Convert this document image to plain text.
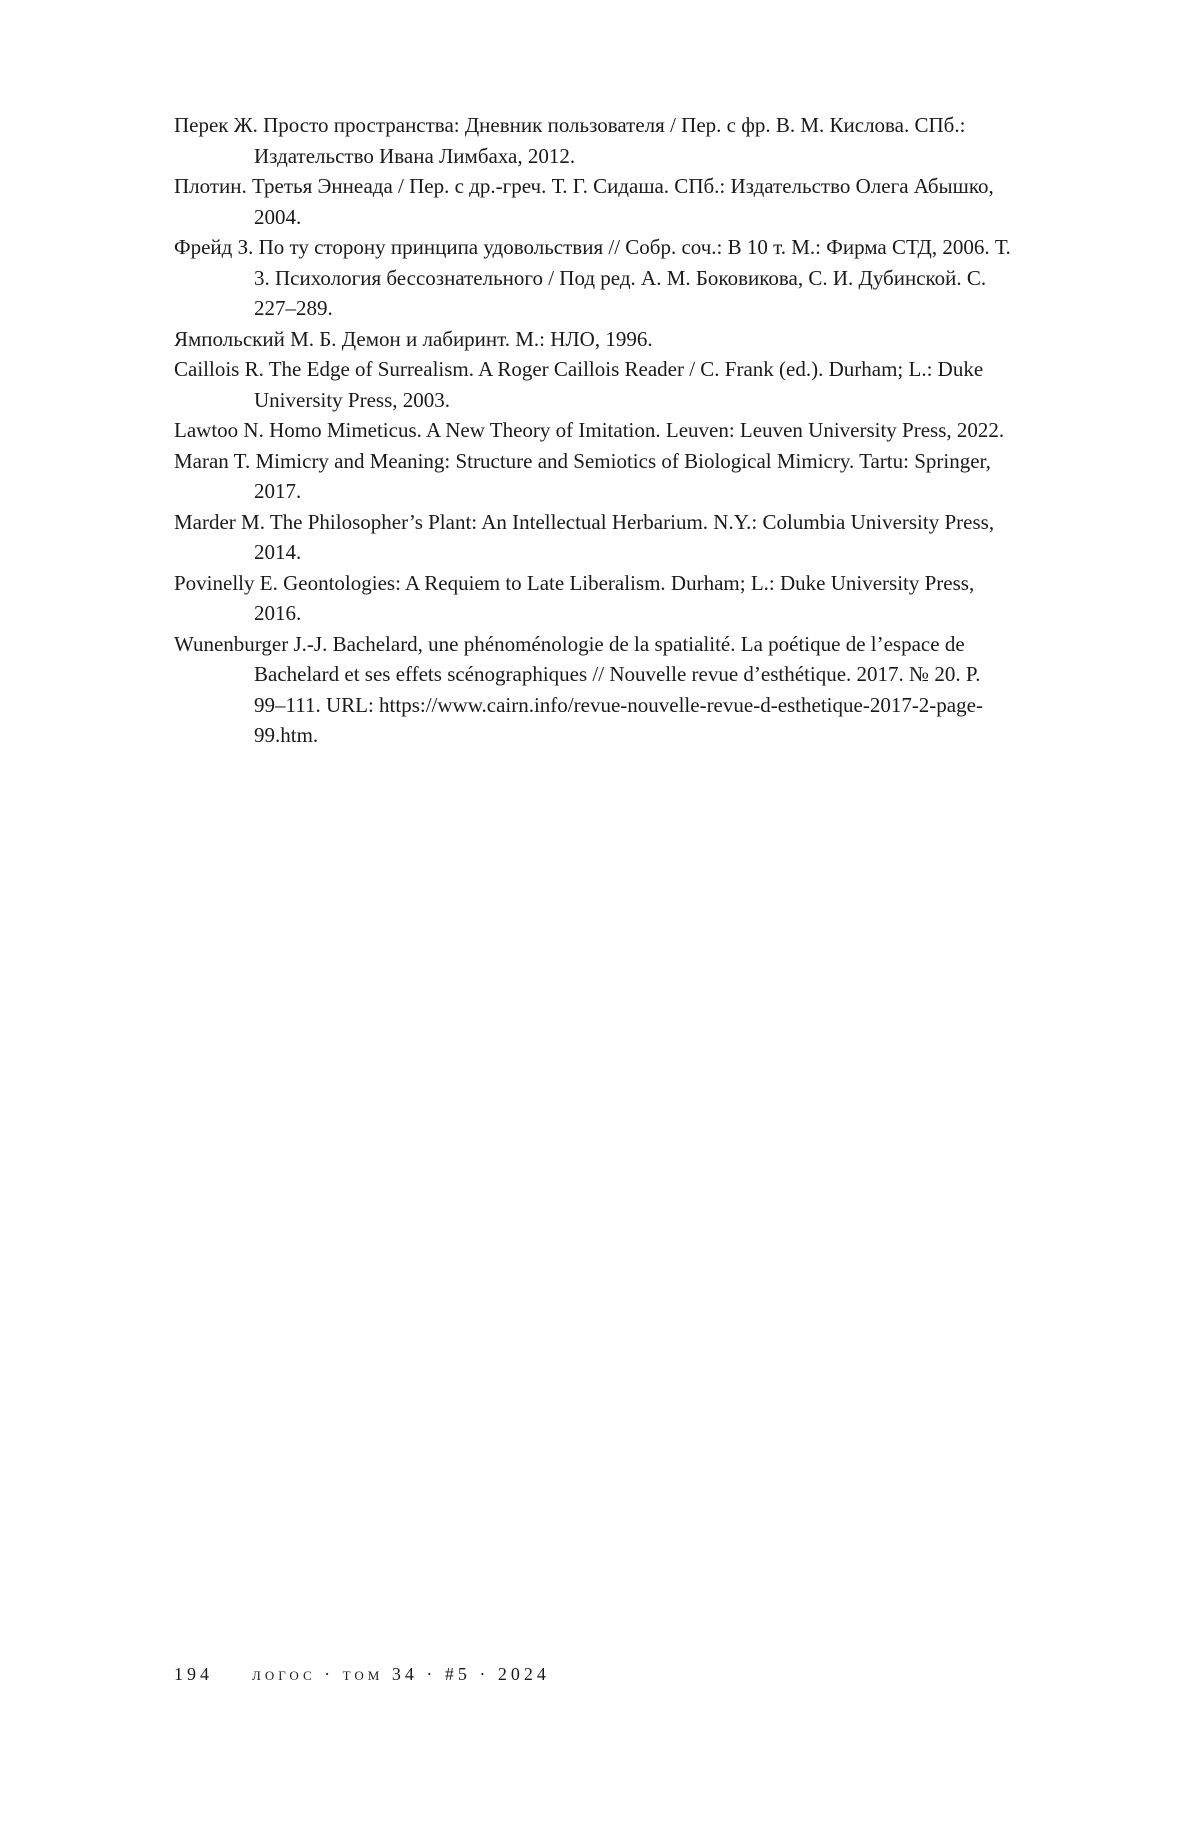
Перек Ж. Просто пространства: Дневник пользователя / Пер. с фр. В. М. Кислова. СПб.: Издательство Ивана Лимбаха, 2012.
Плотин. Третья Эннеада / Пер. с др.-греч. Т. Г. Сидаша. СПб.: Издательство Олега Абышко, 2004.
Фрейд З. По ту сторону принципа удовольствия // Собр. соч.: В 10 т. М.: Фирма СТД, 2006. Т. 3. Психология бессознательного / Под ред. А. М. Боковикова, С. И. Дубинской. С. 227–289.
Ямпольский М. Б. Демон и лабиринт. М.: НЛО, 1996.
Caillois R. The Edge of Surrealism. A Roger Caillois Reader / C. Frank (ed.). Durham; L.: Duke University Press, 2003.
Lawtoo N. Homo Mimeticus. A New Theory of Imitation. Leuven: Leuven University Press, 2022.
Maran T. Mimicry and Meaning: Structure and Semiotics of Biological Mimicry. Tartu: Springer, 2017.
Marder M. The Philosopher’s Plant: An Intellectual Herbarium. N.Y.: Columbia University Press, 2014.
Povinelly E. Geontologies: A Requiem to Late Liberalism. Durham; L.: Duke University Press, 2016.
Wunenburger J.-J. Bachelard, une phénoménologie de la spatialité. La poétique de l’espace de Bachelard et ses effets scénographiques // Nouvelle revue d’esthétique. 2017. № 20. P. 99–111. URL: https://www.cairn.info/revue-nouvelle-revue-d-esthetique-2017-2-page-99.htm.
194 логос · том 34 · #5 · 2024
